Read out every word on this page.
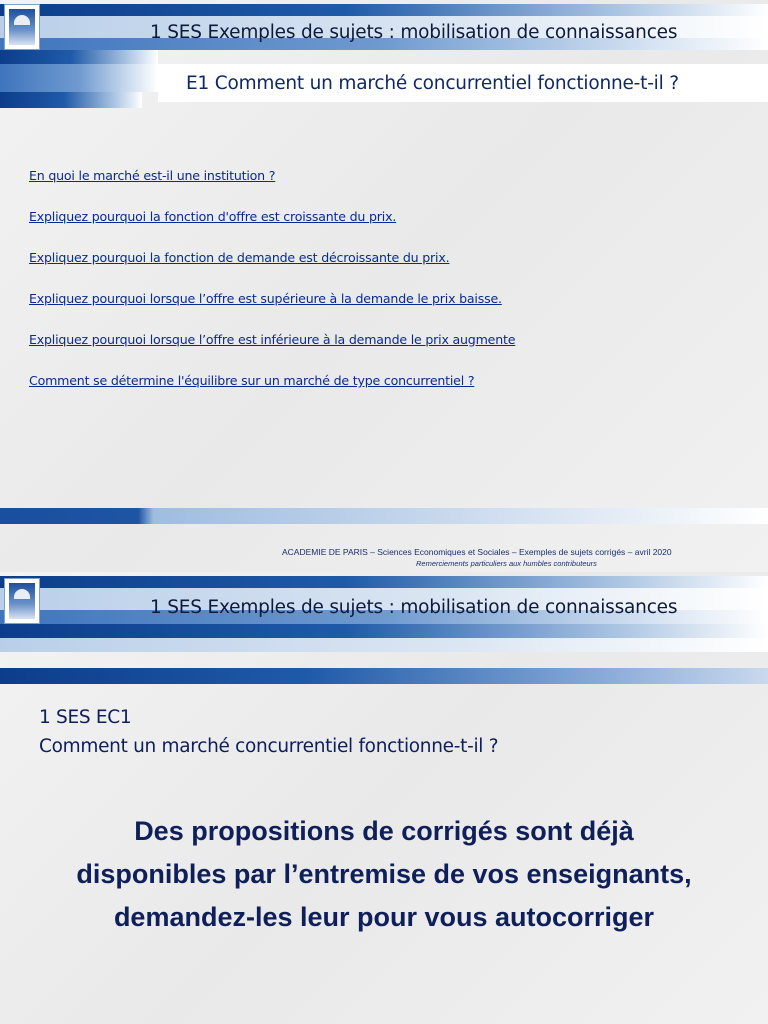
1 SES Exemples de sujets : mobilisation de connaissances
E1 Comment un marché concurrentiel fonctionne-t-il ?
En quoi le marché est-il une institution ?
Expliquez pourquoi la fonction d'offre est croissante du prix.
Expliquez pourquoi la fonction de demande est décroissante du prix.
Expliquez pourquoi lorsque l’offre est supérieure à la demande le prix baisse.
Expliquez pourquoi lorsque l’offre est inférieure à la demande le prix augmente
Comment se détermine l'équilibre sur un marché de type concurrentiel ?
ACADEMIE DE PARIS – Sciences Economiques et Sociales – Exemples de sujets corrigés – avril 2020
Remerciements particuliers aux humbles contributeurs
1 SES Exemples de sujets : mobilisation de connaissances
1 SES EC1
Comment un marché concurrentiel fonctionne-t-il ?
Des propositions de corrigés sont déjà
disponibles par l’entremise de vos enseignants,
demandez-les leur pour vous autocorriger
